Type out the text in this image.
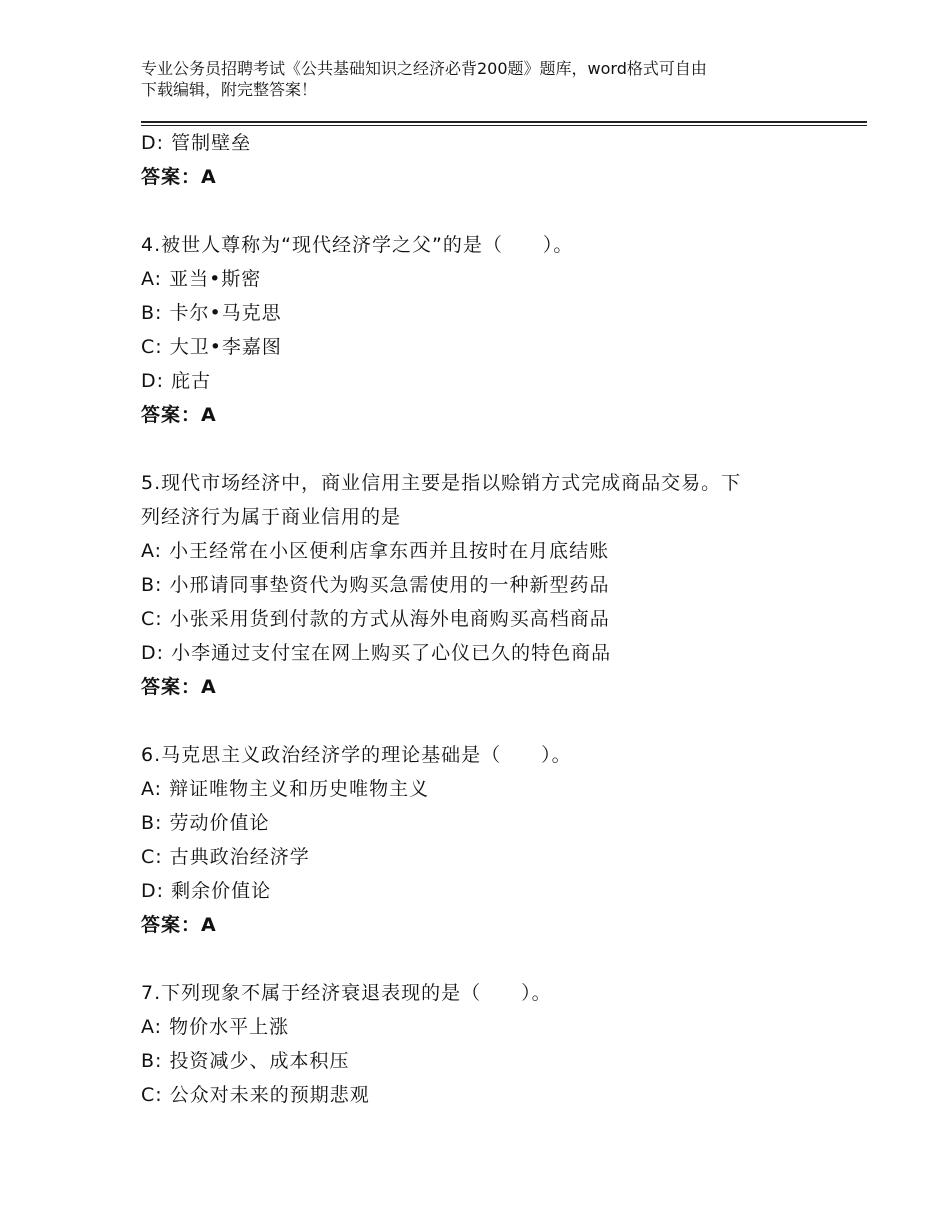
专业公务员招聘考试《公共基础知识之经济必背200题》题库，word格式可自由
下载编辑，附完整答案！
D: 管制壁垒
答案：A
4.被世人尊称为“现代经济学之父”的是（　　）。
A: 亚当•斯密
B: 卡尔•马克思
C: 大卫•李嘉图
D: 庇古
答案：A
5.现代市场经济中，商业信用主要是指以赊销方式完成商品交易。下
列经济行为属于商业信用的是
A: 小王经常在小区便利店拿东西并且按时在月底结账
B: 小邢请同事垫资代为购买急需使用的一种新型药品
C: 小张采用货到付款的方式从海外电商购买高档商品
D: 小李通过支付宝在网上购买了心仪已久的特色商品
答案：A
6.马克思主义政治经济学的理论基础是（　　）。
A: 辩证唯物主义和历史唯物主义
B: 劳动价值论
C: 古典政治经济学
D: 剩余价值论
答案：A
7.下列现象不属于经济衰退表现的是（　　）。
A: 物价水平上涨
B: 投资减少、成本积压
C: 公众对未来的预期悲观
